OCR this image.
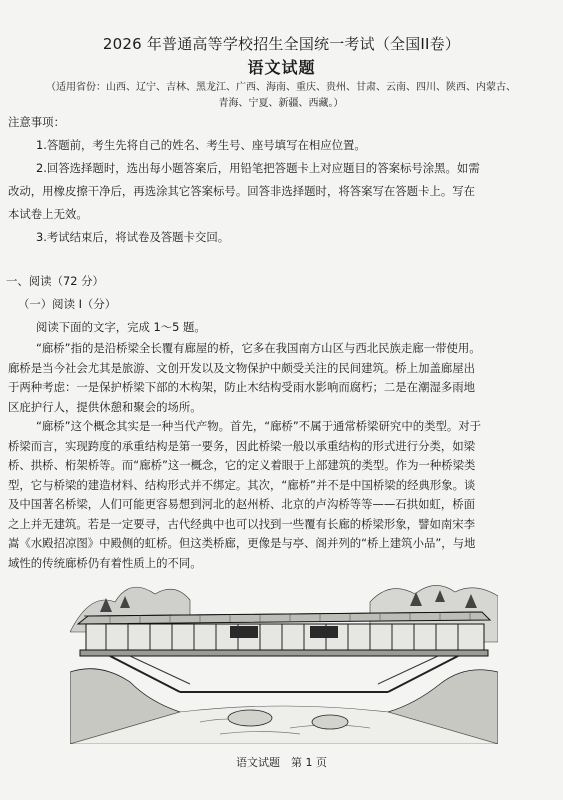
2026 年普通高等学校招生全国统一考试（全国II卷）
语文试题
（适用省份：山西、辽宁、吉林、黑龙江、广西、海南、重庆、贵州、甘肃、云南、四川、陕西、内蒙古、
青海、宁夏、新疆、西藏。）
注意事项：
1.答题前，考生先将自己的姓名、考生号、座号填写在相应位置。
2.回答选择题时，选出每小题答案后，用铅笔把答题卡上对应题目的答案标号涂黑。如需
改动，用橡皮擦干净后，再选涂其它答案标号。回答非选择题时，将答案写在答题卡上。写在
本试卷上无效。
3.考试结束后，将试卷及答题卡交回。
一、阅读（72 分）
（一）阅读 I（分）
阅读下面的文字，完成 1～5 题。
“廊桥”指的是沿桥梁全长覆有廊屋的桥，它多在我国南方山区与西北民族走廊一带使用。
廊桥是当今社会尤其是旅游、文创开发以及文物保护中颇受关注的民间建筑。桥上加盖廊屋出
于两种考虑：一是保护桥梁下部的木构架，防止木结构受雨水影响而腐朽；二是在潮湿多雨地
区庇护行人，提供休憩和聚会的场所。
“廊桥”这个概念其实是一种当代产物。首先，“廊桥”不属于通常桥梁研究中的类型。对于
桥梁而言，实现跨度的承重结构是第一要务，因此桥梁一般以承重结构的形式进行分类，如梁
桥、拱桥、桁架桥等。而“廊桥”这一概念，它的定义着眼于上部建筑的类型。作为一种桥梁类
型，它与桥梁的建造材料、结构形式并不绑定。其次，“廊桥”并不是中国桥梁的经典形象。谈
及中国著名桥梁，人们可能更容易想到河北的赵州桥、北京的卢沟桥等等——石拱如虹，桥面
之上并无建筑。若是一定要寻，古代经典中也可以找到一些覆有长廊的桥梁形象，譬如南宋李
语文试题　第 1 页
嵩《水殿招凉图》中殿侧的虹桥。但这类桥廊，更像是与亭、阁并列的“桥上建筑小品”，与地
域性的传统廊桥仍有着性质上的不同。
